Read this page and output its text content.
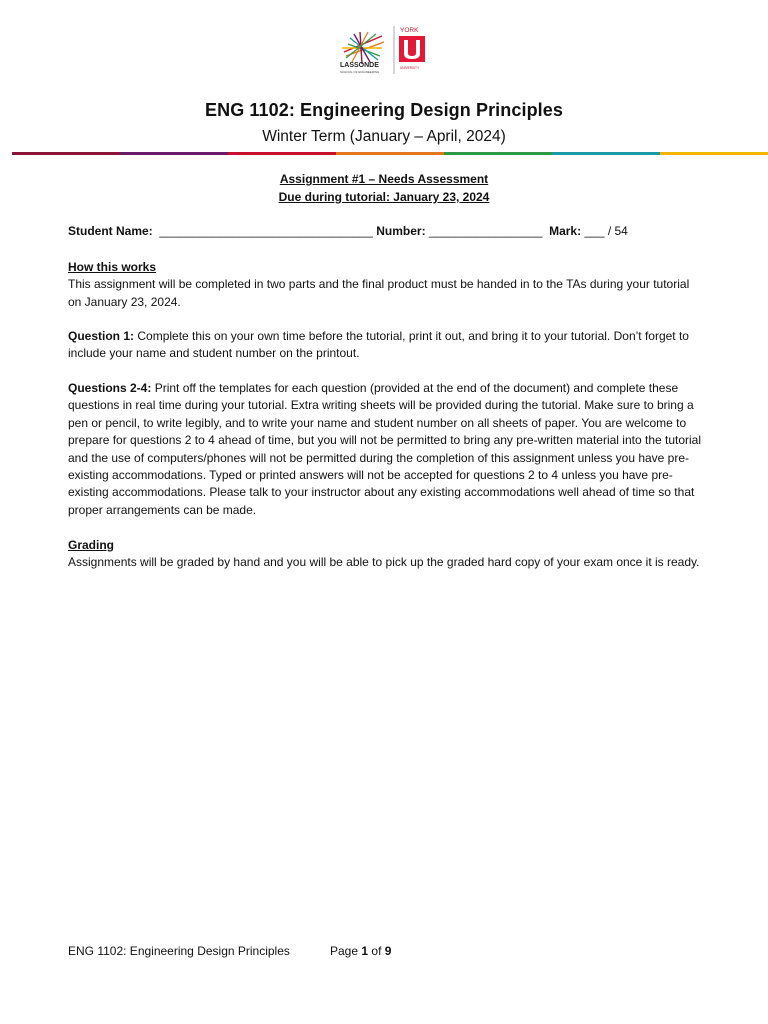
LASSONDE
SCHOOL OF ENGINEERING
YORK
UNIVERSITY
ENG 1102: Engineering Design Principles
Winter Term (January – April, 2024)
Assignment #1 – Needs Assessment
Due during tutorial: January 23, 2024
Student Name: ________________________________ Number: _________________ Mark: ___ / 54
How this works
This assignment will be completed in two parts and the final product must be handed in to the TAs during your tutorial on January 23, 2024.
Question 1: Complete this on your own time before the tutorial, print it out, and bring it to your tutorial. Don’t forget to include your name and student number on the printout.
Questions 2-4: Print off the templates for each question (provided at the end of the document) and complete these questions in real time during your tutorial. Extra writing sheets will be provided during the tutorial. Make sure to bring a pen or pencil, to write legibly, and to write your name and student number on all sheets of paper. You are welcome to prepare for questions 2 to 4 ahead of time, but you will not be permitted to bring any pre-written material into the tutorial and the use of computers/phones will not be permitted during the completion of this assignment unless you have pre-existing accommodations. Typed or printed answers will not be accepted for questions 2 to 4 unless you have pre-existing accommodations. Please talk to your instructor about any existing accommodations well ahead of time so that proper arrangements can be made.
Grading
Assignments will be graded by hand and you will be able to pick up the graded hard copy of your exam once it is ready.
ENG 1102: Engineering Design Principles	Page 1 of 9
